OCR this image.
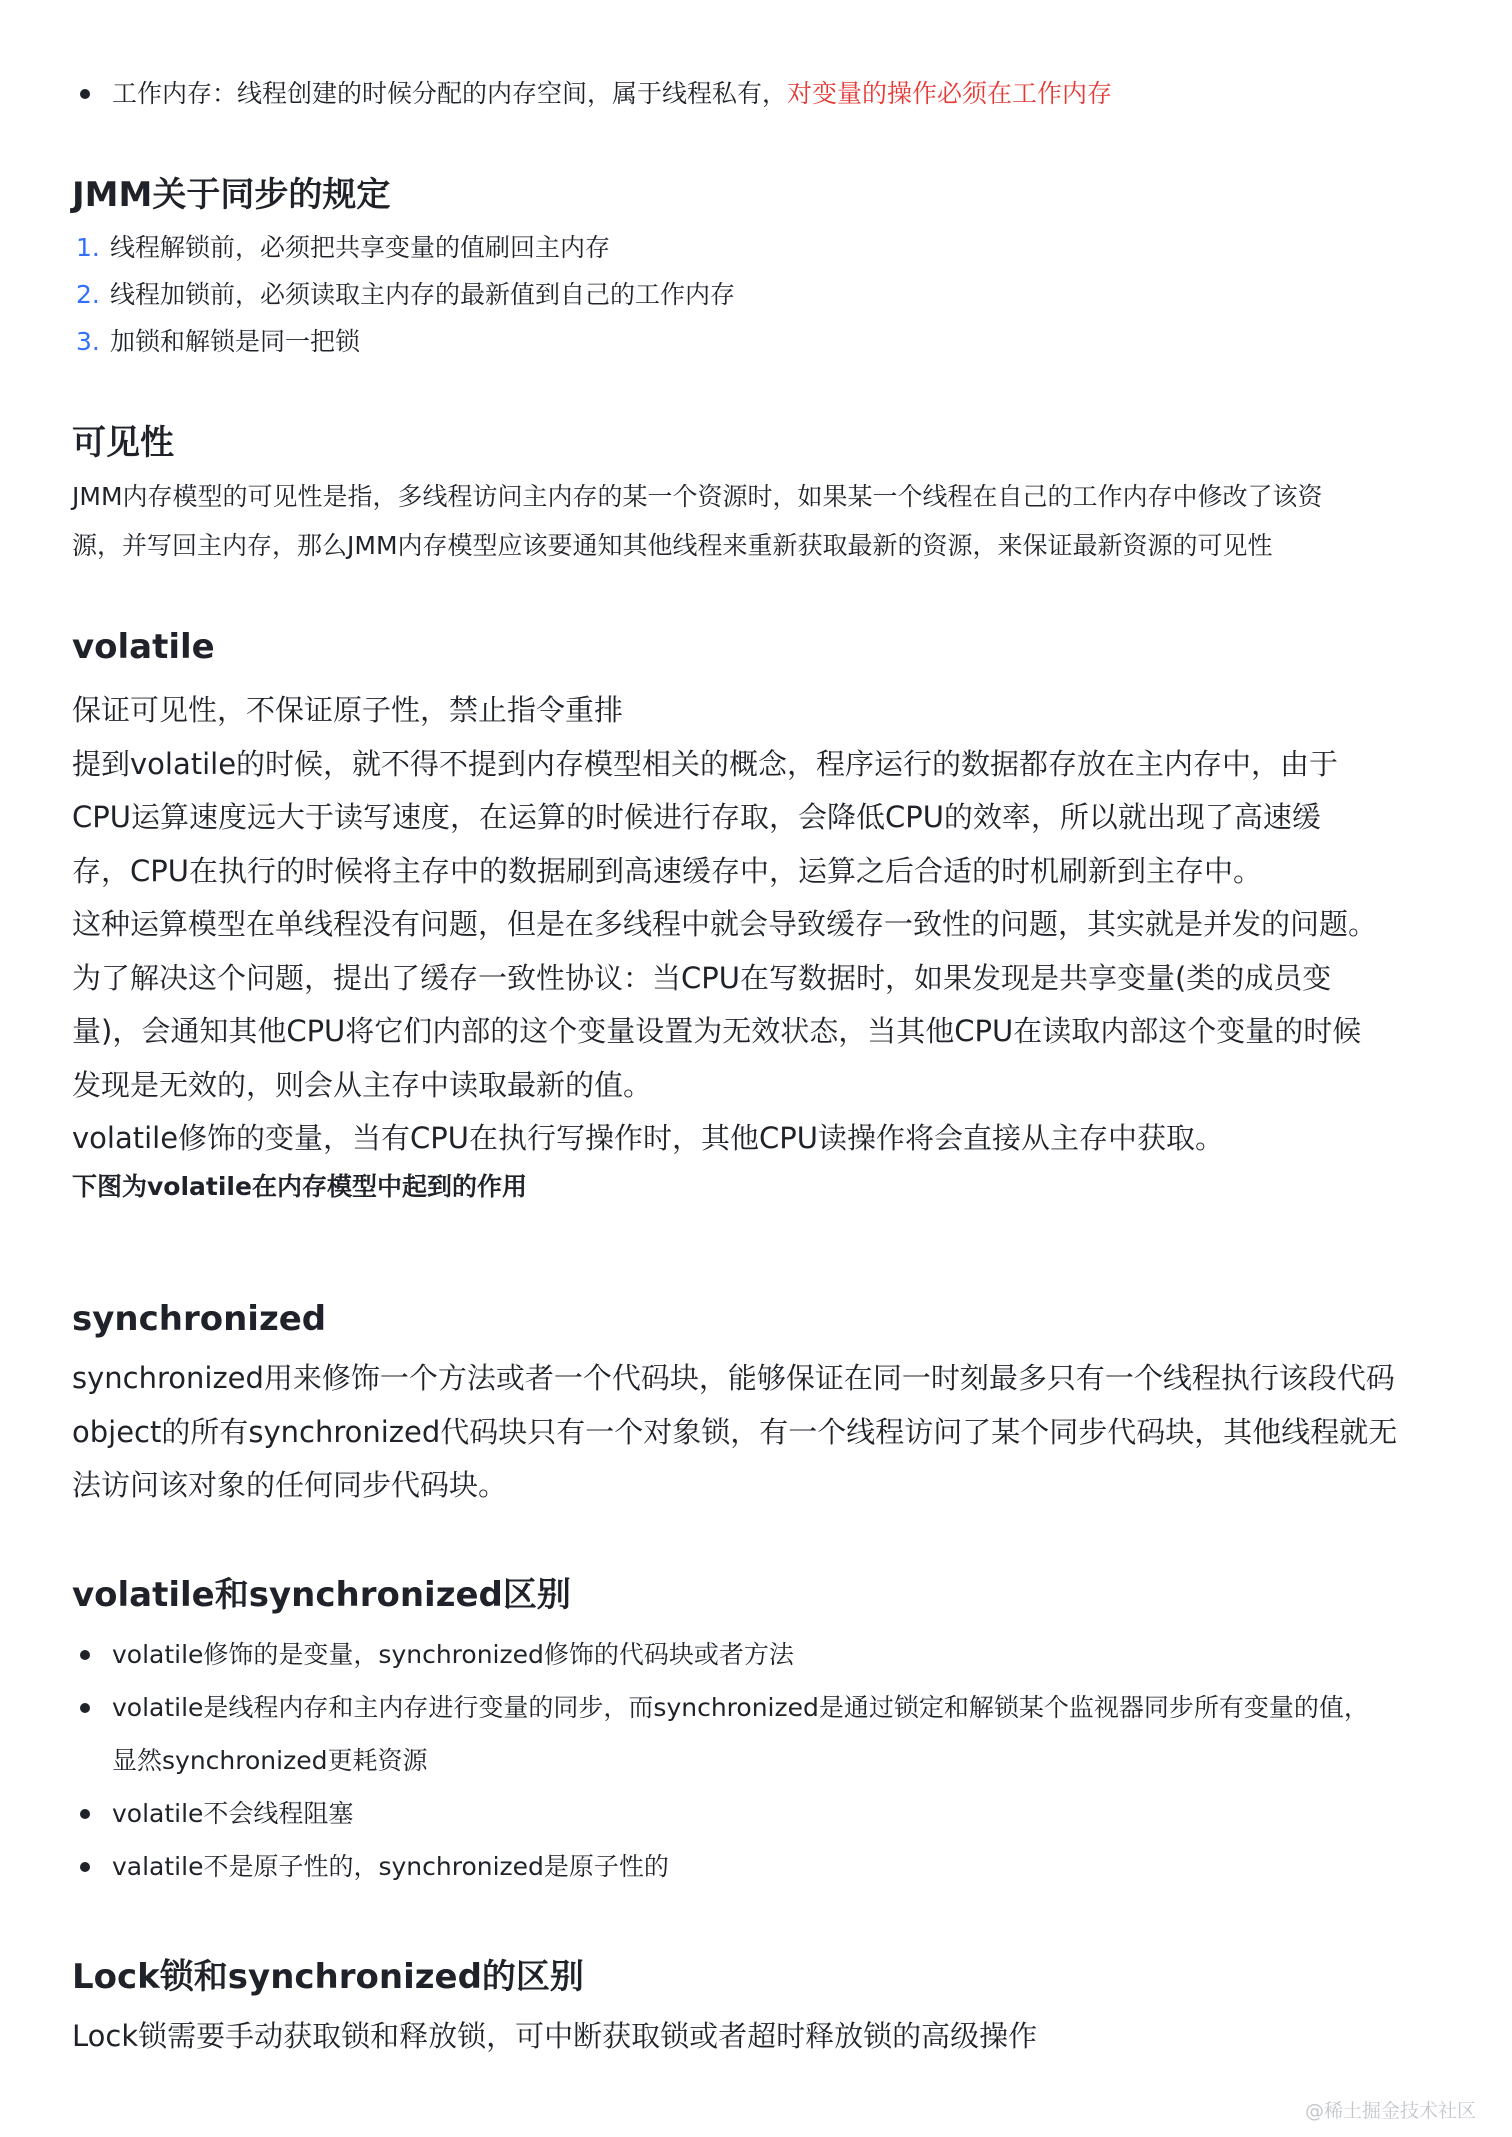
工作内存：线程创建的时候分配的内存空间，属于线程私有，对变量的操作必须在工作内存
JMM关于同步的规定
1. 线程解锁前，必须把共享变量的值刷回主内存
2. 线程加锁前，必须读取主内存的最新值到自己的工作内存
3. 加锁和解锁是同一把锁
可见性
JMM内存模型的可见性是指，多线程访问主内存的某一个资源时，如果某一个线程在自己的工作内存中修改了该资
源，并写回主内存，那么JMM内存模型应该要通知其他线程来重新获取最新的资源，来保证最新资源的可见性
volatile
保证可见性，不保证原子性，禁止指令重排
提到volatile的时候，就不得不提到内存模型相关的概念，程序运行的数据都存放在主内存中，由于
CPU运算速度远大于读写速度，在运算的时候进行存取，会降低CPU的效率，所以就出现了高速缓
存，CPU在执行的时候将主存中的数据刷到高速缓存中，运算之后合适的时机刷新到主存中。
这种运算模型在单线程没有问题，但是在多线程中就会导致缓存一致性的问题，其实就是并发的问题。
为了解决这个问题，提出了缓存一致性协议：当CPU在写数据时，如果发现是共享变量(类的成员变
量)，会通知其他CPU将它们内部的这个变量设置为无效状态，当其他CPU在读取内部这个变量的时候
发现是无效的，则会从主存中读取最新的值。
volatile修饰的变量，当有CPU在执行写操作时，其他CPU读操作将会直接从主存中获取。
下图为volatile在内存模型中起到的作用
synchronized
synchronized用来修饰一个方法或者一个代码块，能够保证在同一时刻最多只有一个线程执行该段代码
object的所有synchronized代码块只有一个对象锁，有一个线程访问了某个同步代码块，其他线程就无
法访问该对象的任何同步代码块。
volatile和synchronized区别
volatile修饰的是变量，synchronized修饰的代码块或者方法
volatile是线程内存和主内存进行变量的同步，而synchronized是通过锁定和解锁某个监视器同步所有变量的值，
显然synchronized更耗资源
volatile不会线程阻塞
valatile不是原子性的，synchronized是原子性的
Lock锁和synchronized的区别
Lock锁需要手动获取锁和释放锁，可中断获取锁或者超时释放锁的高级操作
@稀土掘金技术社区
